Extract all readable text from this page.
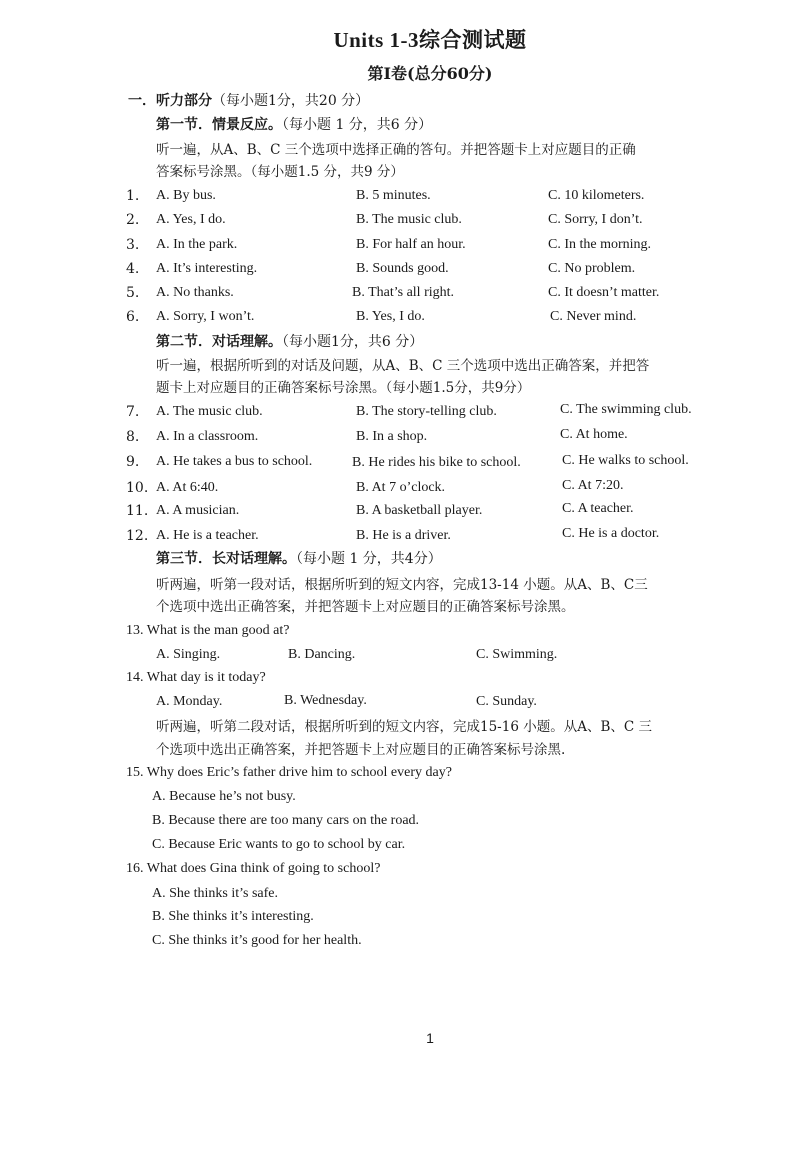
Units 1-3综合测试题
第Ⅰ卷(总分60分)
一．听力部分（每小题1分，共20 分）
第一节．情景反应。（每小题 1 分，共6 分）
听一遍，从A、B、C 三个选项中选择正确的答句。并把答题卡上对应题目的正确
答案标号涂黑。（每小题1.5 分，共9 分）
1. A. By bus.	B. 5 minutes.	C. 10 kilometers.
2. A. Yes, I do.	B. The music club.	C. Sorry, I don’t.
3. A. In the park.	B. For half an hour.	C. In the morning.
4. A. It’s interesting.	B. Sounds good.	C. No problem.
5. A. No thanks.	B. That’s all right.	C. It doesn’t matter.
6. A. Sorry, I won’t.	B. Yes, I do.	C. Never mind.
第二节．对话理解。（每小题1分，共6 分）
听一遍，根据所听到的对话及问题，从A、B、C 三个选项中选出正确答案，并把答
题卡上对应题目的正确答案标号涂黑。（每小题1.5分，共9分）
7. A. The music club.	B. The story-telling club.	C. The swimming club.
8. A. In a classroom.	B. In a shop.	C. At home.
9. A. He takes a bus to school.	B. He rides his bike to school.	C. He walks to school.
10. A. At 6:40.	B. At 7 o’clock.	C. At 7:20.
11. A. A musician.	B. A basketball player.	C. A teacher.
12. A. He is a teacher.	B. He is a driver.	C. He is a doctor.
第三节．长对话理解。（每小题 1 分，共4分）
听两遍，听第一段对话，根据所听到的短文内容，完成13-14 小题。从A、B、C三
个选项中选出正确答案，并把答题卡上对应题目的正确答案标号涂黑。
13. What is the man good at?
A. Singing.	B. Dancing.	C. Swimming.
14. What day is it today?
A. Monday.	B. Wednesday.	C. Sunday.
听两遍，听第二段对话，根据所听到的短文内容，完成15-16 小题。从A、B、C 三
个选项中选出正确答案，并把答题卡上对应题目的正确答案标号涂黑.
15. Why does Eric’s father drive him to school every day?
A. Because he’s not busy.
B. Because there are too many cars on the road.
C. Because Eric wants to go to school by car.
16. What does Gina think of going to school?
A. She thinks it’s safe.
B. She thinks it’s interesting.
C. She thinks it’s good for her health.
1
